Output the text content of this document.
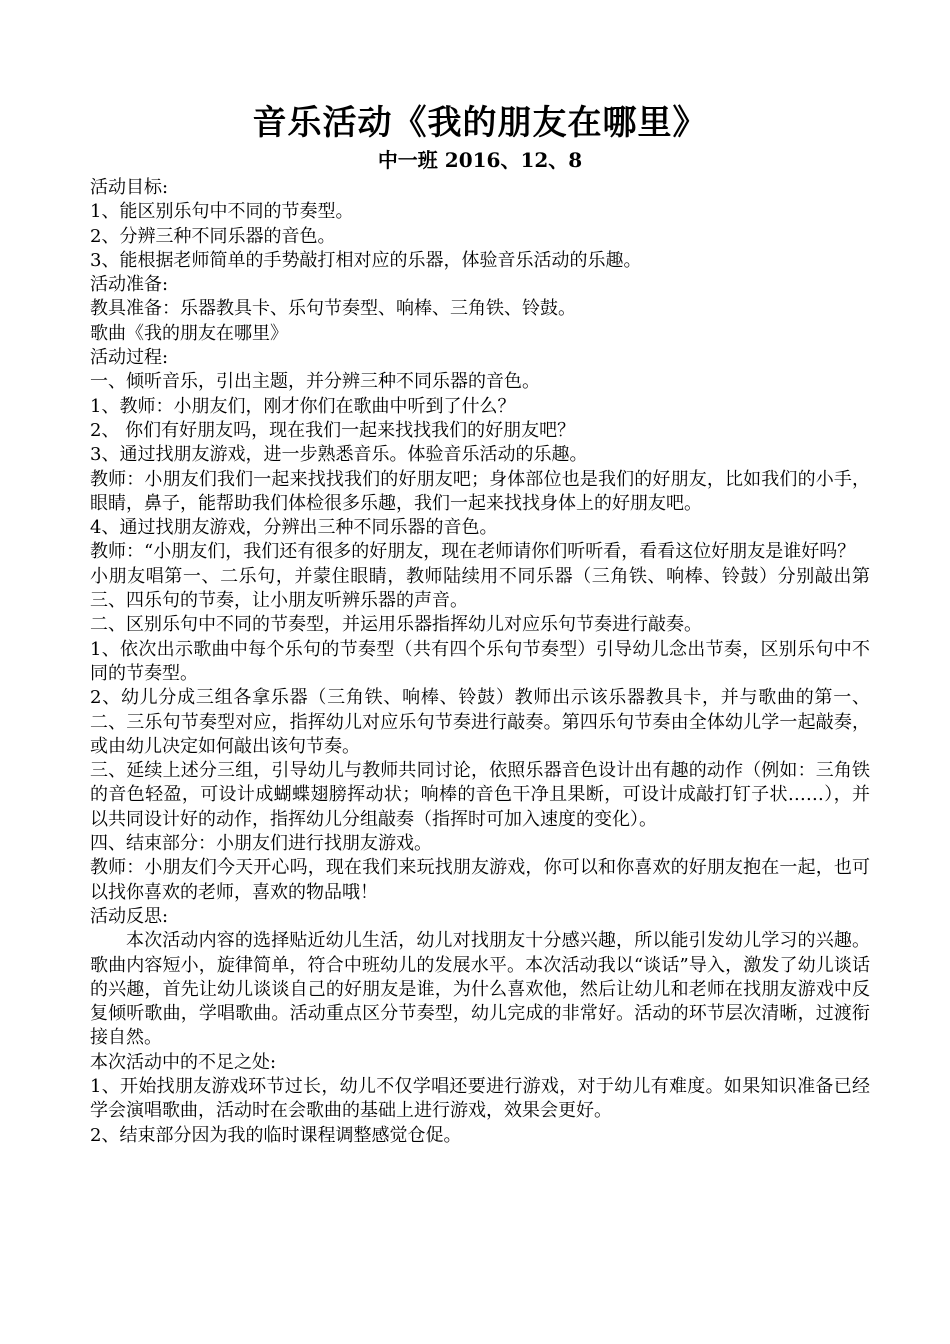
音乐活动《我的朋友在哪里》

中一班 2016、12、8

活动目标:

1、能区别乐句中不同的节奏型。

2、分辨三种不同乐器的音色。

3、能根据老师简单的手势敲打相对应的乐器，体验音乐活动的乐趣。

活动准备:

教具准备：乐器教具卡、乐句节奏型、响棒、三角铁、铃鼓。

歌曲《我的朋友在哪里》

活动过程:

一、倾听音乐，引出主题，并分辨三种不同乐器的音色。

1、教师：小朋友们，刚才你们在歌曲中听到了什么？

2、 你们有好朋友吗，现在我们一起来找找我们的好朋友吧？

3、通过找朋友游戏，进一步熟悉音乐。体验音乐活动的乐趣。

教师：小朋友们我们一起来找找我们的好朋友吧；身体部位也是我们的好朋友，比如我们的小手，眼睛，鼻子，能帮助我们体检很多乐趣，我们一起来找找身体上的好朋友吧。

4、通过找朋友游戏，分辨出三种不同乐器的音色。

教师：“小朋友们，我们还有很多的好朋友，现在老师请你们听听看，看看这位好朋友是谁好吗？

小朋友唱第一、二乐句，并蒙住眼睛，教师陆续用不同乐器（三角铁、响棒、铃鼓）分别敲出第三、四乐句的节奏，让小朋友听辨乐器的声音。

二、区别乐句中不同的节奏型，并运用乐器指挥幼儿对应乐句节奏进行敲奏。

1、依次出示歌曲中每个乐句的节奏型（共有四个乐句节奏型）引导幼儿念出节奏，区别乐句中不同的节奏型。

2、幼儿分成三组各拿乐器（三角铁、响棒、铃鼓）教师出示该乐器教具卡，并与歌曲的第一、二、三乐句节奏型对应，指挥幼儿对应乐句节奏进行敲奏。第四乐句节奏由全体幼儿学一起敲奏，或由幼儿决定如何敲出该句节奏。

三、延续上述分三组，引导幼儿与教师共同讨论，依照乐器音色设计出有趣的动作（例如：三角铁的音色轻盈，可设计成蝴蝶翅膀挥动状；响棒的音色干净且果断，可设计成敲打钉子状……），并以共同设计好的动作，指挥幼儿分组敲奏（指挥时可加入速度的变化）。

四、结束部分：小朋友们进行找朋友游戏。

教师：小朋友们今天开心吗，现在我们来玩找朋友游戏，你可以和你喜欢的好朋友抱在一起，也可以找你喜欢的老师，喜欢的物品哦！

活动反思:

本次活动内容的选择贴近幼儿生活，幼儿对找朋友十分感兴趣，所以能引发幼儿学习的兴趣。歌曲内容短小，旋律简单，符合中班幼儿的发展水平。本次活动我以“谈话”导入，激发了幼儿谈话的兴趣，首先让幼儿谈谈自己的好朋友是谁，为什么喜欢他，然后让幼儿和老师在找朋友游戏中反复倾听歌曲，学唱歌曲。活动重点区分节奏型，幼儿完成的非常好。活动的环节层次清晰，过渡衔接自然。

本次活动中的不足之处:

1、开始找朋友游戏环节过长，幼儿不仅学唱还要进行游戏，对于幼儿有难度。如果知识准备已经学会演唱歌曲，活动时在会歌曲的基础上进行游戏，效果会更好。

2、结束部分因为我的临时课程调整感觉仓促。
